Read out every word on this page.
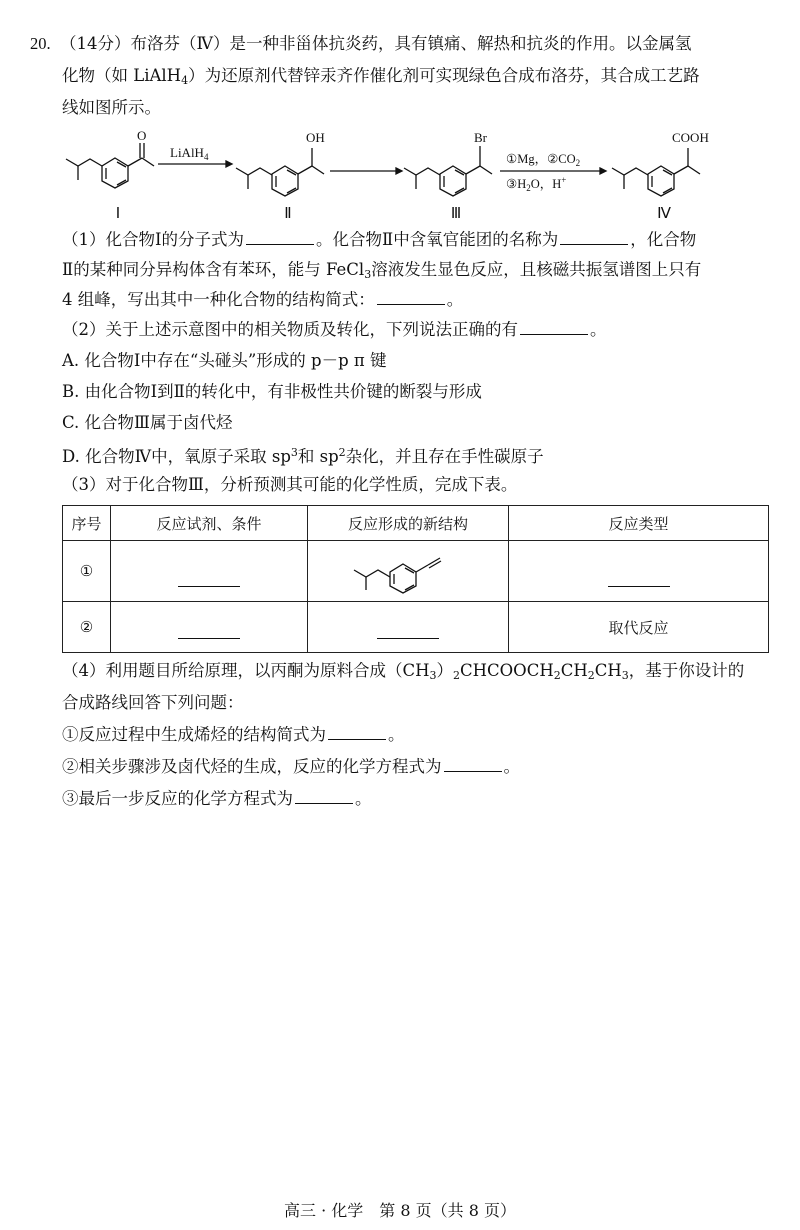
20. （14分）布洛芬（Ⅳ）是一种非甾体抗炎药，具有镇痛、解热和抗炎的作用。以金属氢
化物（如 LiAlH$_4$）为还原剂代替锌汞齐作催化剂可实现绿色合成布洛芬，其合成工艺路
线如图所示。
O	OH	Br	COOH
LiAlH$_4$	①Mg，$②CO_2$
$③H_2O$，H+
Ⅰ	Ⅱ	Ⅲ	Ⅳ
（1）化合物Ⅰ的分子式为	。化合物Ⅱ中含氧官能团的名称为	，化合物
Ⅱ的某种同分异构体含有苯环，能与 FeCl$_3$溶液发生显色反应，且核磁共振氢谱图上只有
4 组峰，写出其中一种化合物的结构简式：	。
（2）关于上述示意图中的相关物质及转化，下列说法正确的有	。
A. 化合物Ⅰ中存在“头碰头”形成的 p－p π 键
B. 由化合物Ⅰ到Ⅱ的转化中，有非极性共价键的断裂与形成
C. 化合物Ⅲ属于卤代烃
D. 化合物Ⅳ中，氧原子采取 $sp^3$和 $sp^2$杂化，并且存在手性碳原子
（3）对于化合物Ⅲ，分析预测其可能的化学性质，完成下表。
序号	反应试剂、条件	反应形成的新结构	反应类型
①			
②			取代反应
（4）利用题目所给原理，以丙酮为原料合成$(CH_3)_2CHCOOCH_2CH_2CH_3$，基于你设计的
合成路线回答下列问题：
①反应过程中生成烯烃的结构简式为	。
②相关步骤涉及卤代烃的生成，反应的化学方程式为	。
③最后一步反应的化学方程式为	。
高三 · 化学　第 8 页（共 8 页）
